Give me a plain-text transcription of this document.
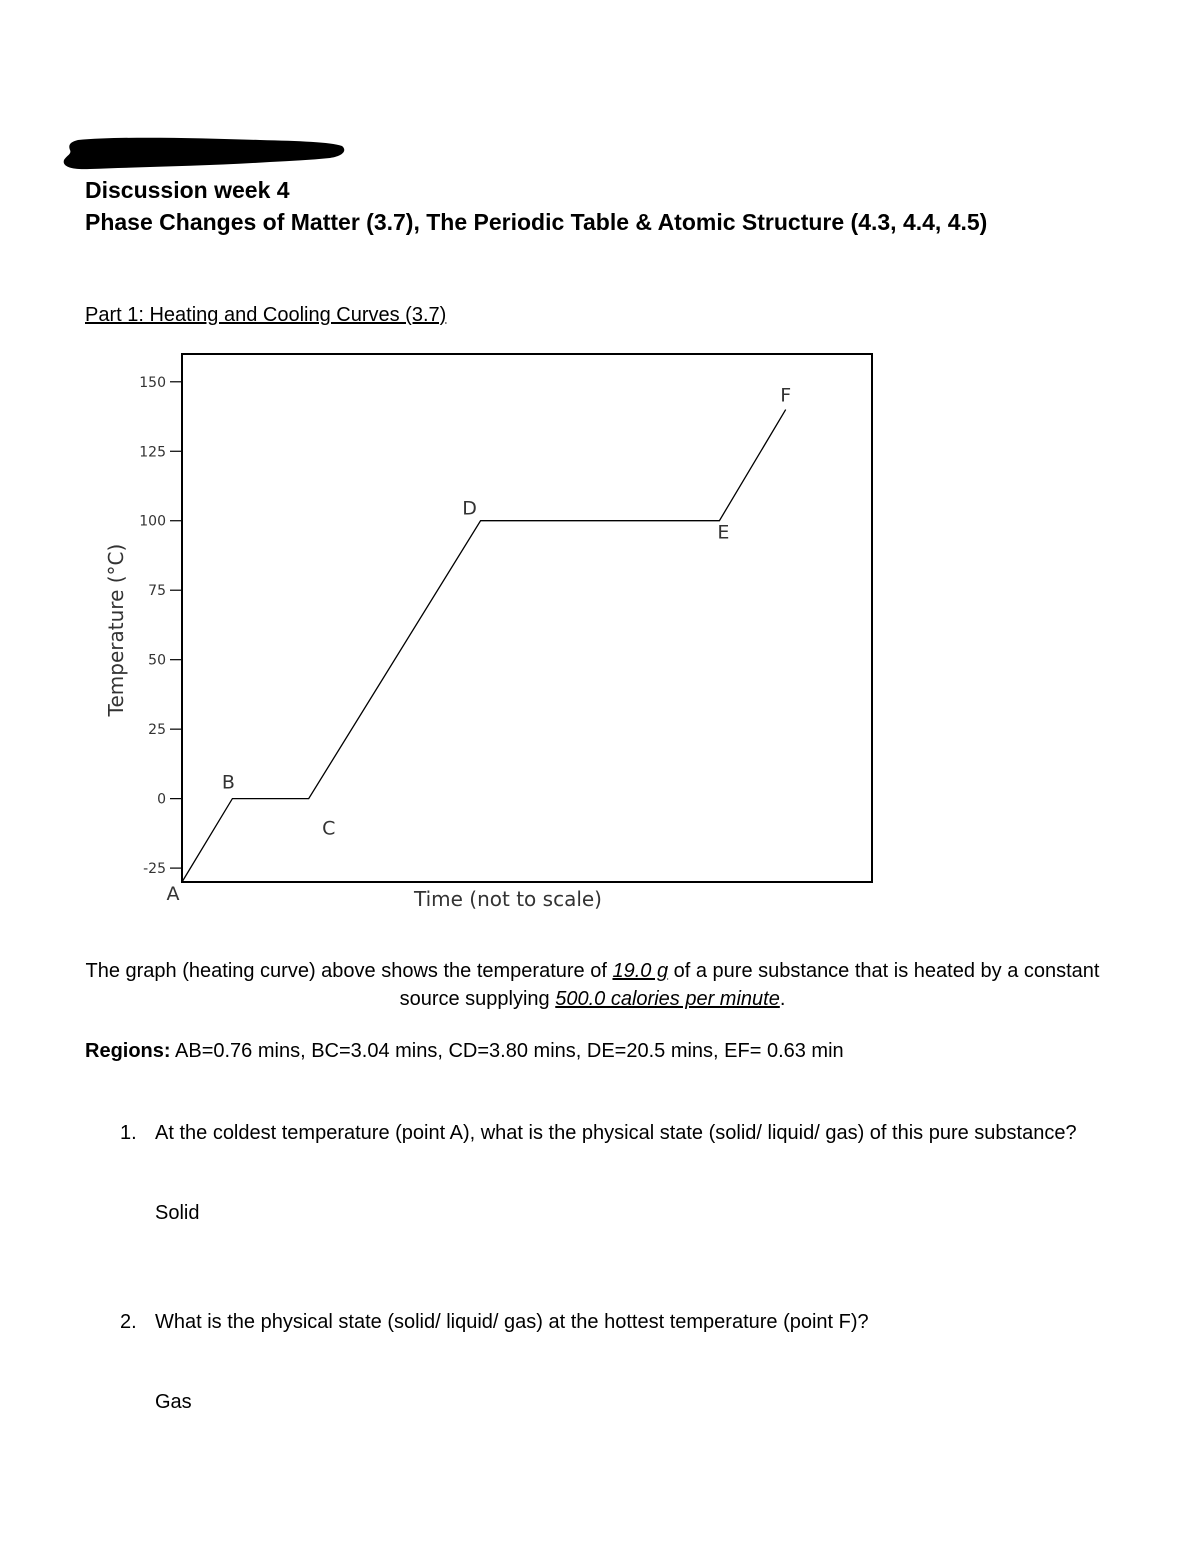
Discussion week 4
Phase Changes of Matter (3.7), The Periodic Table & Atomic Structure (4.3, 4.4, 4.5)
Part 1: Heating and Cooling Curves (3.7)
150
125
100
75
50
25
0
-25
A
B
C
D
E
F
Temperature (°C)
Time (not to scale)
The graph (heating curve) above shows the temperature of 19.0 g of a pure substance that is heated by a constant source supplying 500.0 calories per minute.
Regions: AB=0.76 mins, BC=3.04 mins, CD=3.80 mins, DE=20.5 mins, EF= 0.63 min
1. At the coldest temperature (point A), what is the physical state (solid/ liquid/ gas) of this pure substance?
Solid
2. What is the physical state (solid/ liquid/ gas) at the hottest temperature (point F)?
Gas
